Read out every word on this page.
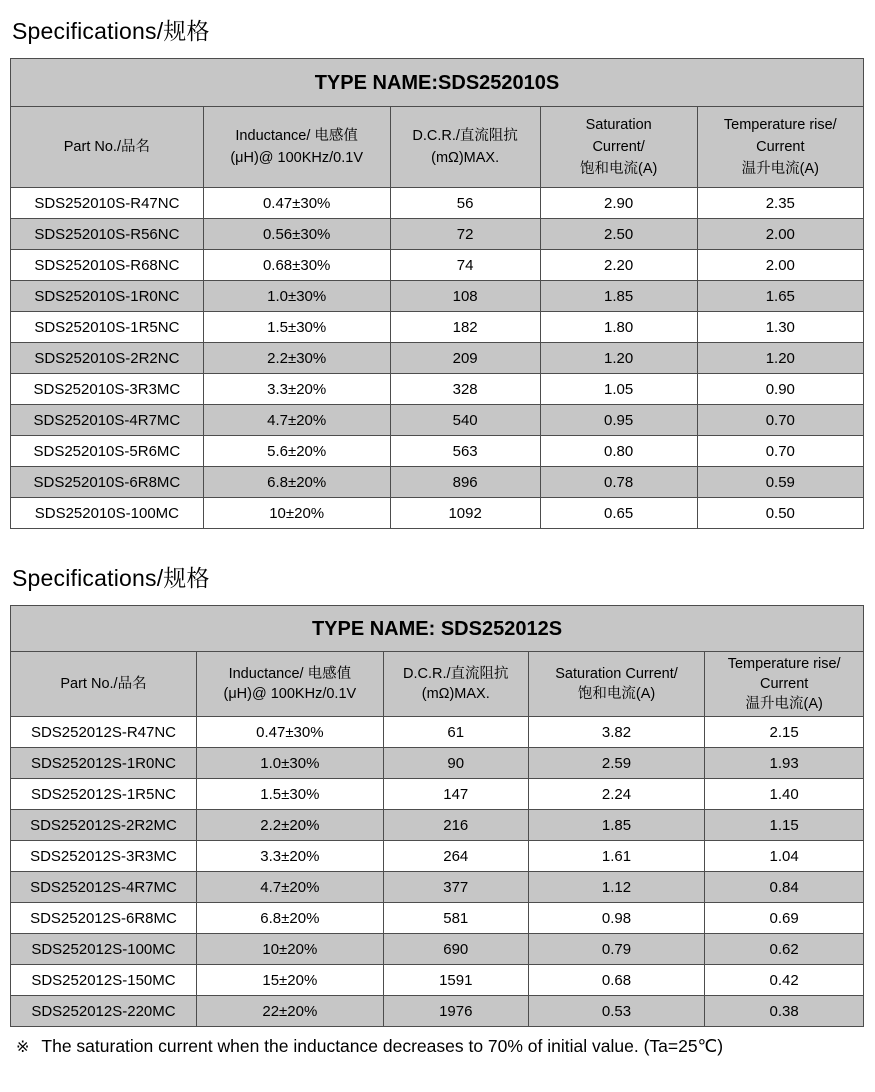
Specifications/规格
TYPE NAME:SDS252010S
Part No./品名

Inductance/ 电感值
(μH)@ 100KHz/0.1V

D.C.R./直流阻抗
(mΩ)MAX.

Saturation
Current/
饱和电流(A)

Temperature rise/
Current
温升电流(A)

SDS252010S-R47NC	0.47±30%	56	2.90	2.35
SDS252010S-R56NC	0.56±30%	72	2.50	2.00
SDS252010S-R68NC	0.68±30%	74	2.20	2.00
SDS252010S-1R0NC	1.0±30%	108	1.85	1.65
SDS252010S-1R5NC	1.5±30%	182	1.80	1.30
SDS252010S-2R2NC	2.2±30%	209	1.20	1.20
SDS252010S-3R3MC	3.3±20%	328	1.05	0.90
SDS252010S-4R7MC	4.7±20%	540	0.95	0.70
SDS252010S-5R6MC	5.6±20%	563	0.80	0.70
SDS252010S-6R8MC	6.8±20%	896	0.78	0.59
SDS252010S-100MC	10±20%	1092	0.65	0.50
Specifications/规格
TYPE NAME: SDS252012S
Part No./品名

Inductance/ 电感值
(μH)@ 100KHz/0.1V

D.C.R./直流阻抗
(mΩ)MAX.

Saturation Current/
饱和电流(A)

Temperature rise/
Current
温升电流(A)

SDS252012S-R47NC	0.47±30%	61	3.82	2.15
SDS252012S-1R0NC	1.0±30%	90	2.59	1.93
SDS252012S-1R5NC	1.5±30%	147	2.24	1.40
SDS252012S-2R2MC	2.2±20%	216	1.85	1.15
SDS252012S-3R3MC	3.3±20%	264	1.61	1.04
SDS252012S-4R7MC	4.7±20%	377	1.12	0.84
SDS252012S-6R8MC	6.8±20%	581	0.98	0.69
SDS252012S-100MC	10±20%	690	0.79	0.62
SDS252012S-150MC	15±20%	1591	0.68	0.42
SDS252012S-220MC	22±20%	1976	0.53	0.38
※ The saturation current when the inductance decreases to 70% of initial value. (Ta=25℃)
